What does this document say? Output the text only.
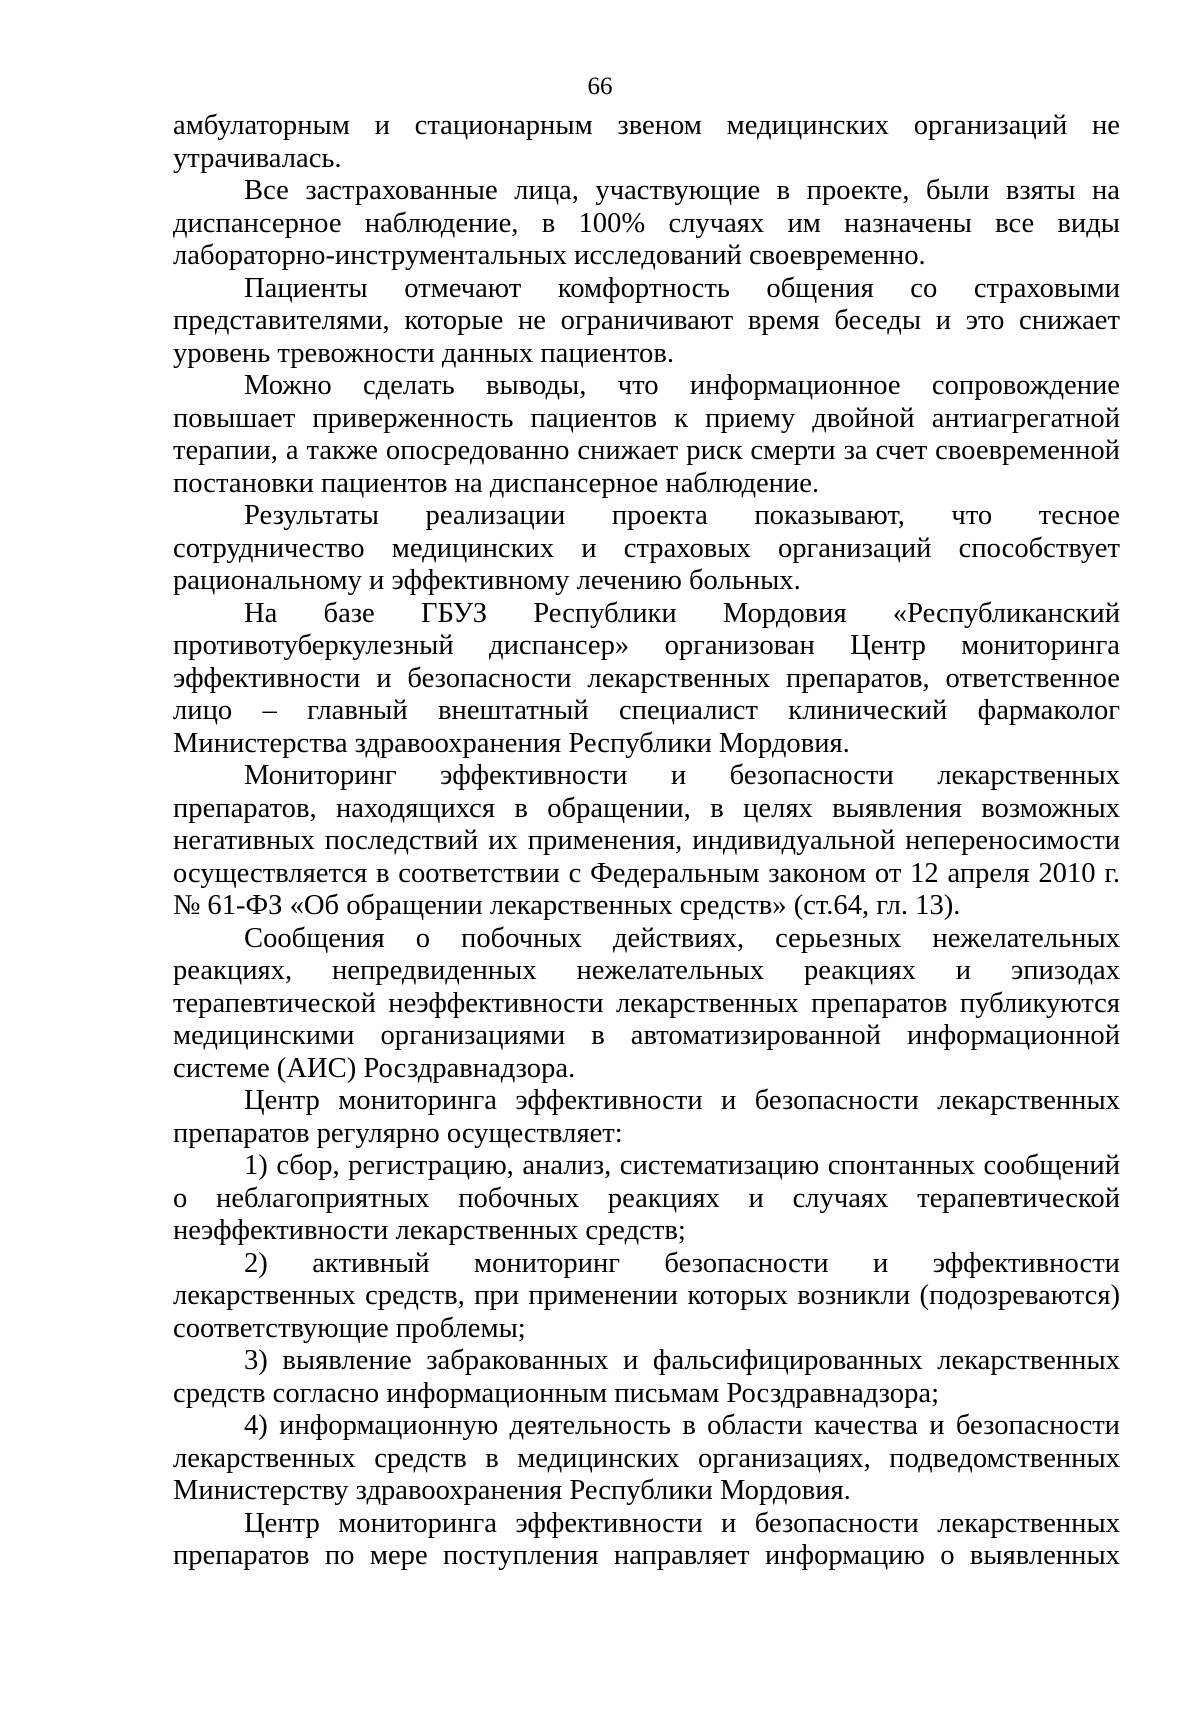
66

амбулаторным и стационарным звеном медицинских организаций не утрачивалась.

Все застрахованные лица, участвующие в проекте, были взяты на диспансерное наблюдение, в 100% случаях им назначены все виды лабораторно-инструментальных исследований своевременно.

Пациенты отмечают комфортность общения со страховыми представителями, которые не ограничивают время беседы и это снижает уровень тревожности данных пациентов.

Можно сделать выводы, что информационное сопровождение повышает приверженность пациентов к приему двойной антиагрегатной терапии, а также опосредованно снижает риск смерти за счет своевременной постановки пациентов на диспансерное наблюдение.

Результаты реализации проекта показывают, что тесное сотрудничество медицинских и страховых организаций способствует рациональному и эффективному лечению больных.

На базе ГБУЗ Республики Мордовия «Республиканский противотуберкулезный диспансер» организован Центр мониторинга эффективности и безопасности лекарственных препаратов, ответственное лицо – главный внештатный специалист клинический фармаколог Министерства здравоохранения Республики Мордовия.

Мониторинг эффективности и безопасности лекарственных препаратов, находящихся в обращении, в целях выявления возможных негативных последствий их применения, индивидуальной непереносимости осуществляется в соответствии с Федеральным законом от 12 апреля 2010 г. № 61-ФЗ «Об обращении лекарственных средств» (ст.64, гл. 13).

Сообщения о побочных действиях, серьезных нежелательных реакциях, непредвиденных нежелательных реакциях и эпизодах терапевтической неэффективности лекарственных препаратов публикуются медицинскими организациями в автоматизированной информационной системе (АИС) Росздравнадзора.

Центр мониторинга эффективности и безопасности лекарственных препаратов регулярно осуществляет:

1) сбор, регистрацию, анализ, систематизацию спонтанных сообщений о неблагоприятных побочных реакциях и случаях терапевтической неэффективности лекарственных средств;

2) активный мониторинг безопасности и эффективности лекарственных средств, при применении которых возникли (подозреваются) соответствующие проблемы;

3) выявление забракованных и фальсифицированных лекарственных средств согласно информационным письмам Росздравнадзора;

4) информационную деятельность в области качества и безопасности лекарственных средств в медицинских организациях, подведомственных Министерству здравоохранения Республики Мордовия.

Центр мониторинга эффективности и безопасности лекарственных препаратов по мере поступления направляет информацию о выявленных
